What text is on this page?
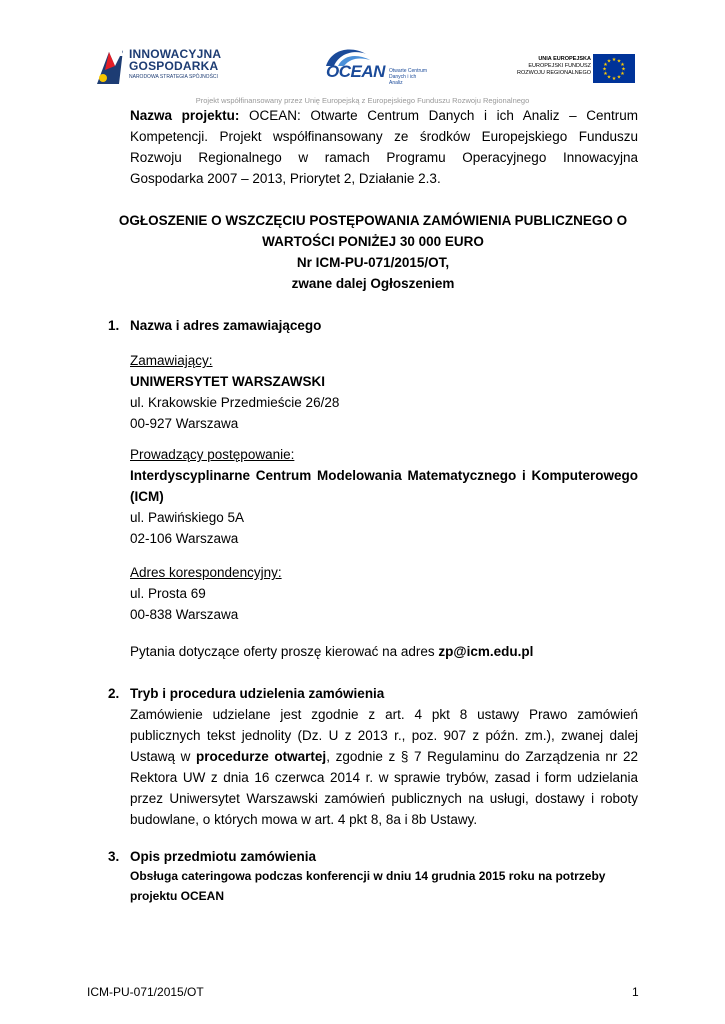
INNOWACYJNA
GOSPODARKA
NARODOWA STRATEGIA SPÓJNOŚCI	OCEAN Otwarte Centrum
Danych i ich Analiz
UNIA EUROPEJSKA
EUROPEJSKI FUNDUSZ
ROZWOJU REGIONALNEGO
★ ★
★
★
★
★
★
★
★
★
★
★
Projekt współfinansowany przez Unię Europejską z Europejskiego Funduszu Rozwoju Regionalnego
Nazwa projektu: OCEAN: Otwarte Centrum Danych i ich Analiz – Centrum Kompetencji. Projekt współfinansowany ze środków Europejskiego Funduszu Rozwoju Regionalnego w ramach Programu Operacyjnego Innowacyjna Gospodarka 2007 – 2013, Priorytet 2, Działanie 2.3.
OGŁOSZENIE O WSZCZĘCIU POSTĘPOWANIA ZAMÓWIENIA PUBLICZNEGO O
WARTOŚCI PONIŻEJ 30 000 EURO
Nr ICM-PU-071/2015/OT,
zwane dalej Ogłoszeniem
1. Nazwa i adres zamawiającego
Zamawiający:
UNIWERSYTET WARSZAWSKI
ul. Krakowskie Przedmieście 26/28
00-927 Warszawa
Prowadzący postępowanie:
Interdyscyplinarne Centrum Modelowania Matematycznego i Komputerowego
(ICM)
ul. Pawińskiego 5A
02-106 Warszawa
Adres korespondencyjny:
ul. Prosta 69
00-838 Warszawa
Pytania dotyczące oferty proszę kierować na adres zp@icm.edu.pl
2. Tryb i procedura udzielenia zamówienia
Zamówienie udzielane jest zgodnie z art. 4 pkt 8 ustawy Prawo zamówień publicznych tekst jednolity (Dz. U z 2013 r., poz. 907 z późn. zm.), zwanej dalej Ustawą w procedurze otwartej, zgodnie z § 7 Regulaminu do Zarządzenia nr 22 Rektora UW z dnia 16 czerwca 2014 r. w sprawie trybów, zasad i form udzielania przez Uniwersytet Warszawski zamówień publicznych na usługi, dostawy i roboty budowlane, o których mowa w art. 4 pkt 8, 8a i 8b Ustawy.
3. Opis przedmiotu zamówienia
Obsługa cateringowa podczas konferencji w dniu 14 grudnia 2015 roku na potrzeby
projektu OCEAN
ICM-PU-071/2015/OT	1
